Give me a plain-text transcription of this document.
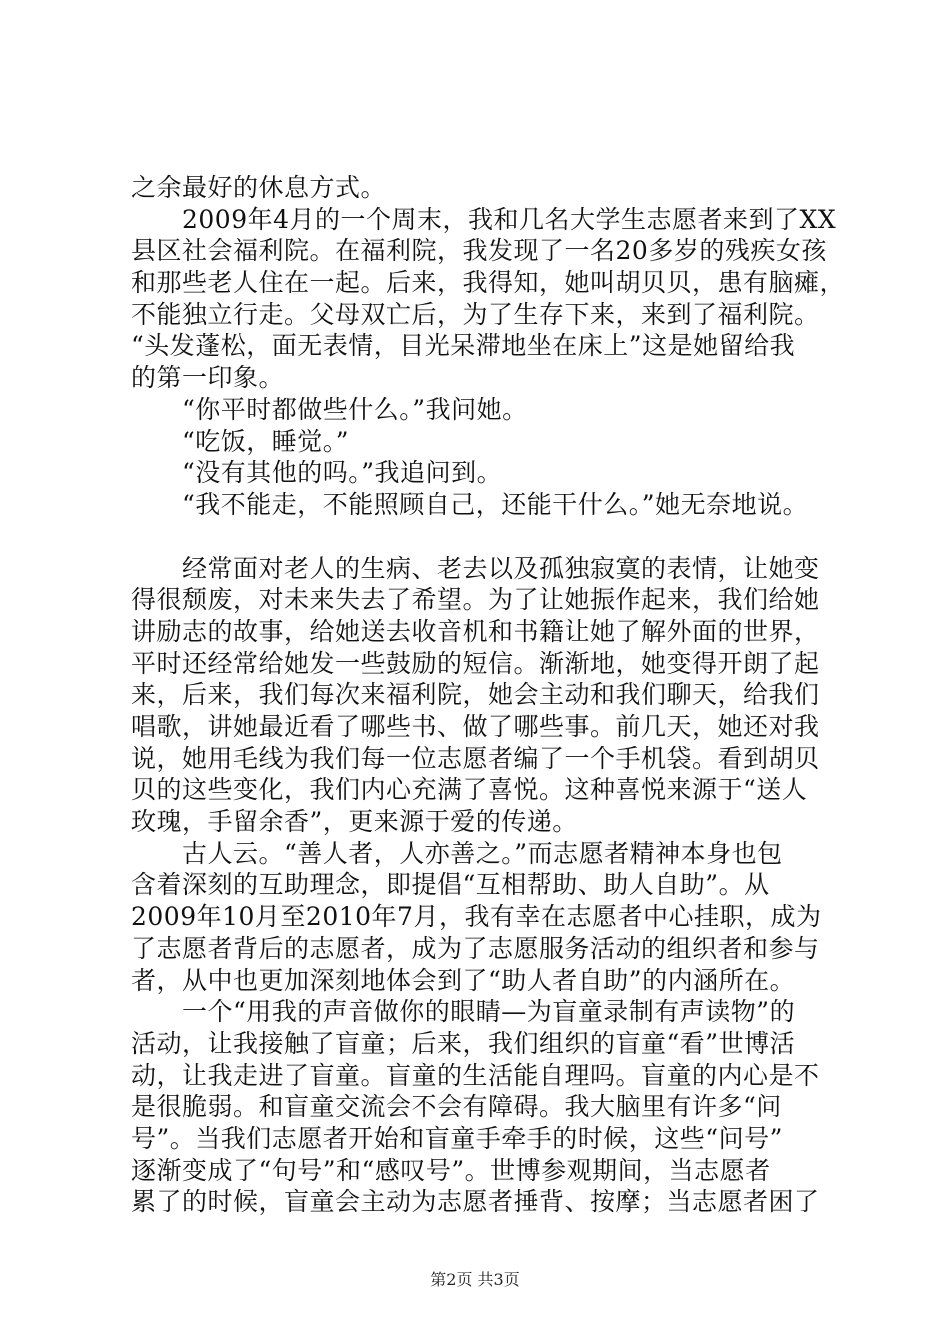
之余最好的休息方式。
　　2009年4月的一个周末，我和几名大学生志愿者来到了XX
县区社会福利院。在福利院，我发现了一名20多岁的残疾女孩
和那些老人住在一起。后来，我得知，她叫胡贝贝，患有脑瘫，
不能独立行走。父母双亡后，为了生存下来，来到了福利院。
“头发蓬松，面无表情，目光呆滞地坐在床上”这是她留给我
的第一印象。
　　“你平时都做些什么。”我问她。
　　“吃饭，睡觉。”
　　“没有其他的吗。”我追问到。
　　“我不能走，不能照顾自己，还能干什么。”她无奈地说。
　　经常面对老人的生病、老去以及孤独寂寞的表情，让她变
得很颓废，对未来失去了希望。为了让她振作起来，我们给她
讲励志的故事，给她送去收音机和书籍让她了解外面的世界，
平时还经常给她发一些鼓励的短信。渐渐地，她变得开朗了起
来，后来，我们每次来福利院，她会主动和我们聊天，给我们
唱歌，讲她最近看了哪些书、做了哪些事。前几天，她还对我
说，她用毛线为我们每一位志愿者编了一个手机袋。看到胡贝
贝的这些变化，我们内心充满了喜悦。这种喜悦来源于“送人
玫瑰，手留余香”，更来源于爱的传递。
　　古人云。“善人者，人亦善之。”而志愿者精神本身也包
含着深刻的互助理念，即提倡“互相帮助、助人自助”。从
2009年10月至2010年7月，我有幸在志愿者中心挂职，成为
了志愿者背后的志愿者，成为了志愿服务活动的组织者和参与
者，从中也更加深刻地体会到了“助人者自助”的内涵所在。
　　一个“用我的声音做你的眼睛—为盲童录制有声读物”的
活动，让我接触了盲童；后来，我们组织的盲童“看”世博活
动，让我走进了盲童。盲童的生活能自理吗。盲童的内心是不
是很脆弱。和盲童交流会不会有障碍。我大脑里有许多“问
号”。当我们志愿者开始和盲童手牵手的时候，这些“问号”
逐渐变成了“句号”和“感叹号”。世博参观期间，当志愿者
累了的时候，盲童会主动为志愿者捶背、按摩；当志愿者困了
第2页 共3页
